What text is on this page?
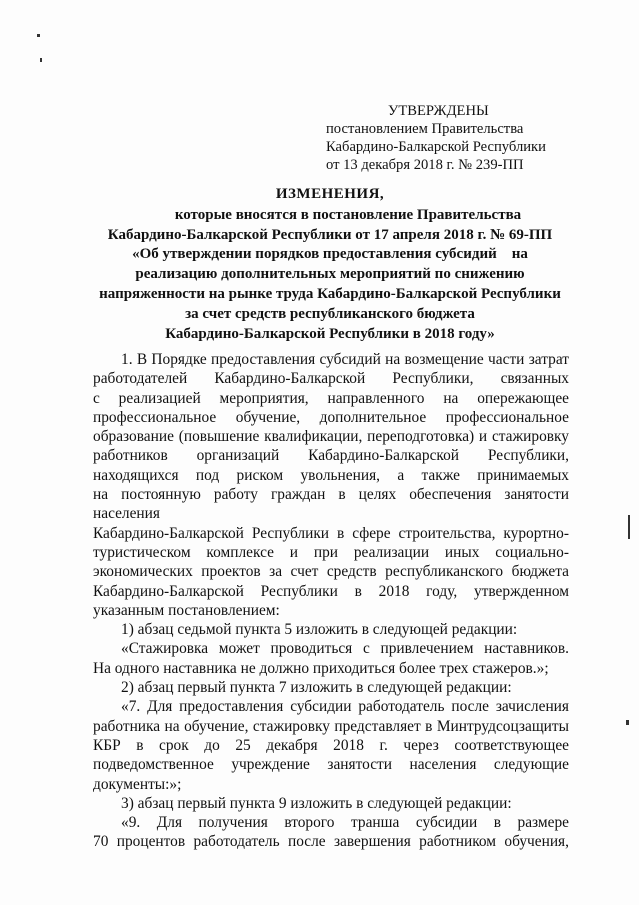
УТВЕРЖДЕНЫ
постановлением Правительства
Кабардино-Балкарской Республики
от 13 декабря 2018 г. № 239-ПП
ИЗМЕНЕНИЯ,
которые вносятся в постановление Правительства
Кабардино-Балкарской Республики от 17 апреля 2018 г. № 69-ПП
«Об утверждении порядков предоставления субсидий    на
реализацию дополнительных мероприятий по снижению
напряженности на рынке труда Кабардино-Балкарской Республики
за счет средств республиканского бюджета
Кабардино-Балкарской Республики в 2018 году»

1. В Порядке предоставления субсидий на возмещение части затрат

работодателей Кабардино-Балкарской Республики, связанных

с реализацией мероприятия, направленного на опережающее

профессиональное обучение, дополнительное профессиональное

образование (повышение квалификации, переподготовка) и стажировку

работников организаций Кабардино-Балкарской Республики,

находящихся под риском увольнения, а также принимаемых

на постоянную работу граждан в целях обеспечения занятости населения

Кабардино-Балкарской Республики в сфере строительства, курортно-

туристическом комплексе и при реализации иных социально-

экономических проектов за счет средств республиканского бюджета

Кабардино-Балкарской Республики в 2018 году, утвержденном

указанным постановлением:

1) абзац седьмой пункта 5 изложить в следующей редакции:

«Стажировка может проводиться с привлечением наставников.

На одного наставника не должно приходиться более трех стажеров.»;

2) абзац первый пункта 7 изложить в следующей редакции:

«7. Для предоставления субсидии работодатель после зачисления

работника на обучение, стажировку представляет в Минтрудсоцзащиты

КБР в срок до 25 декабря 2018 г. через соответствующее

подведомственное учреждение занятости населения следующие

документы:»;

3) абзац первый пункта 9 изложить в следующей редакции:

«9. Для получения второго транша субсидии в размере

70 процентов работодатель после завершения работником обучения,
